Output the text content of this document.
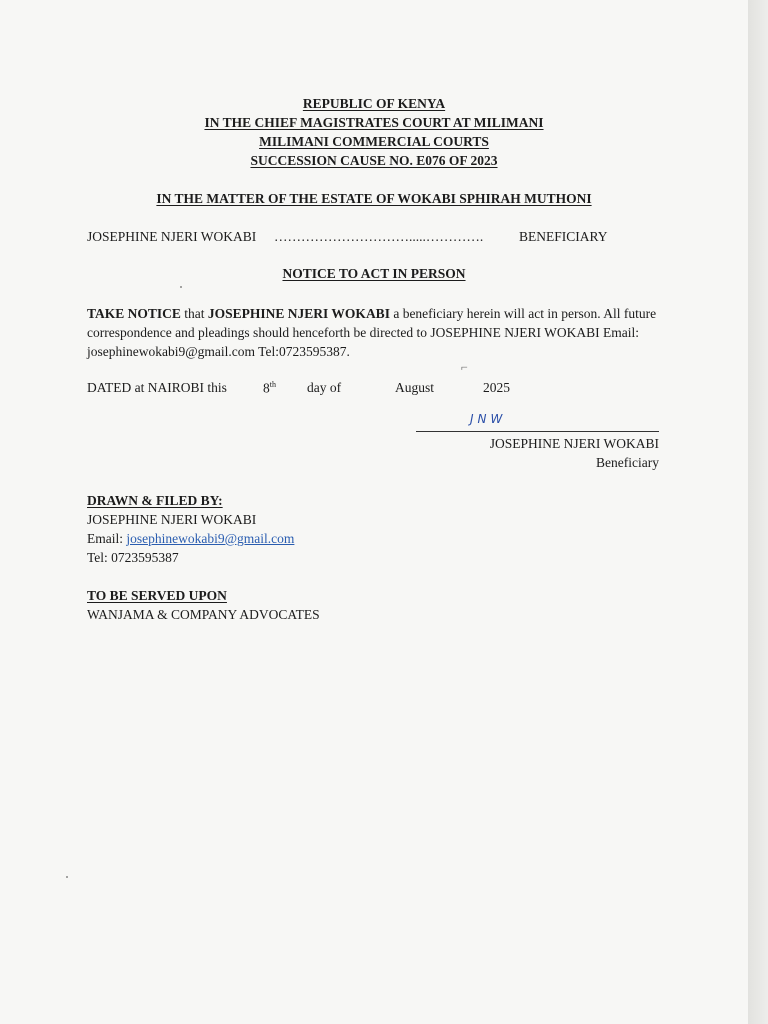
REPUBLIC OF KENYA
IN THE CHIEF MAGISTRATES COURT AT MILIMANI
MILIMANI COMMERCIAL COURTS
SUCCESSION CAUSE NO. E076 OF 2023
IN THE MATTER OF THE ESTATE OF WOKABI SPHIRAH MUTHONI
JOSEPHINE NJERI WOKABI ………………………….....………….	BENEFICIARY
NOTICE TO ACT IN PERSON
TAKE NOTICE that JOSEPHINE NJERI WOKABI a beneficiary herein will act in person. All future correspondence and pleadings should henceforth be directed to JOSEPHINE NJERI WOKABI Email: josephinewokabi9@gmail.com Tel:0723595387.
⌐
DATED at NAIROBI this	8th day of	August	2025
JNW
JOSEPHINE NJERI WOKABI
Beneficiary
DRAWN & FILED BY:
JOSEPHINE NJERI WOKABI
Email: josephinewokabi9@gmail.com
Tel: 0723595387
TO BE SERVED UPON
WANJAMA & COMPANY ADVOCATES
